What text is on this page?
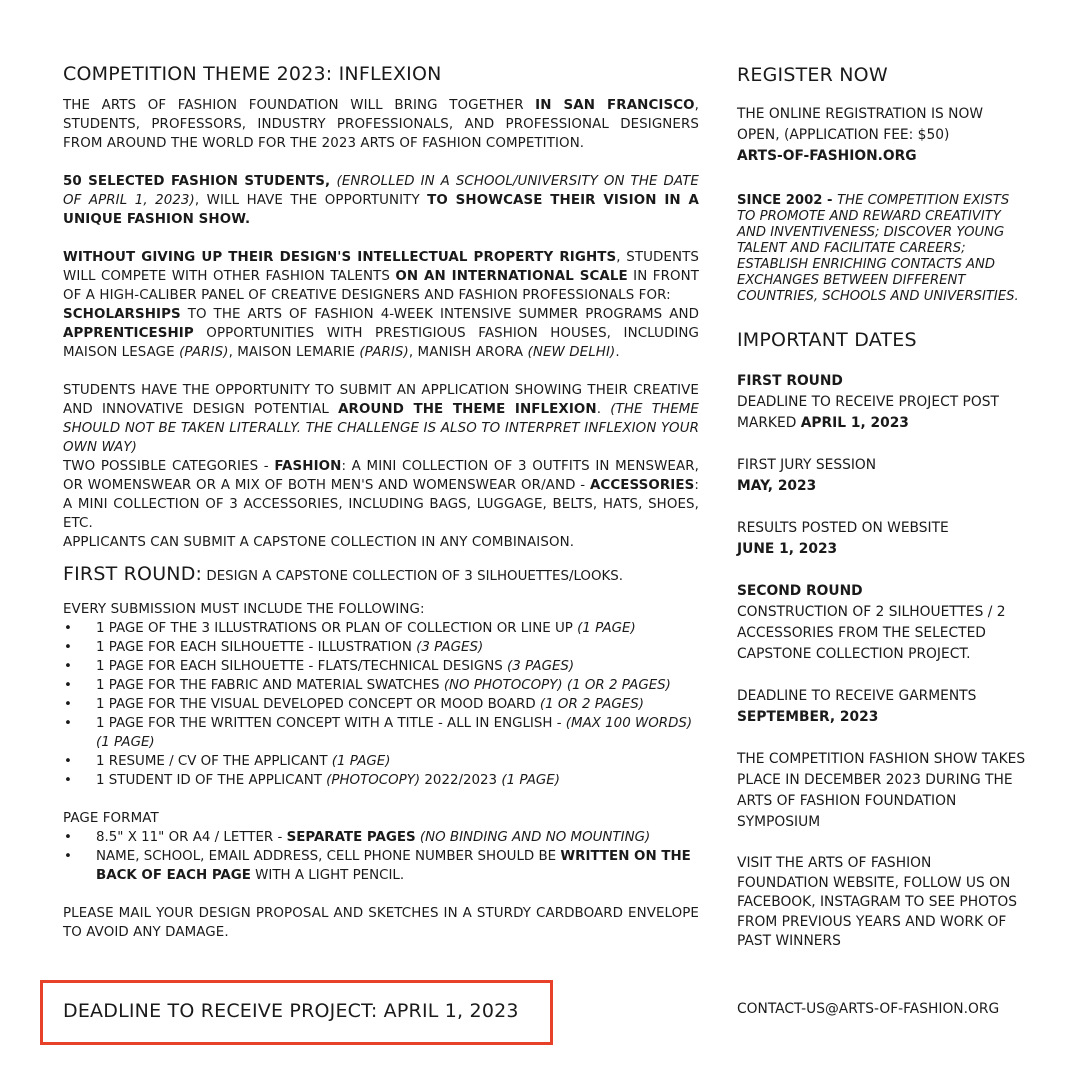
COMPETITION THEME 2023: INFLEXION

THE ARTS OF FASHION FOUNDATION WILL BRING TOGETHER IN SAN FRANCISCO, STUDENTS, PROFESSORS, INDUSTRY PROFESSIONALS, AND PROFESSIONAL DESIGNERS FROM AROUND THE WORLD FOR THE 2023 ARTS OF FASHION COMPETITION.

50 SELECTED FASHION STUDENTS, (ENROLLED IN A SCHOOL/UNIVERSITY ON THE DATE OF APRIL 1, 2023), WILL HAVE THE OPPORTUNITY TO SHOWCASE THEIR VISION IN A UNIQUE FASHION SHOW.

WITHOUT GIVING UP THEIR DESIGN'S INTELLECTUAL PROPERTY RIGHTS, STUDENTS WILL COMPETE WITH OTHER FASHION TALENTS ON AN INTERNATIONAL SCALE IN FRONT OF A HIGH-CALIBER PANEL OF CREATIVE DESIGNERS AND FASHION PROFESSIONALS FOR:
SCHOLARSHIPS TO THE ARTS OF FASHION 4-WEEK INTENSIVE SUMMER PROGRAMS AND APPRENTICESHIP OPPORTUNITIES WITH PRESTIGIOUS FASHION HOUSES, INCLUDING MAISON LESAGE (PARIS), MAISON LEMARIE (PARIS), MANISH ARORA (NEW DELHI).

STUDENTS HAVE THE OPPORTUNITY TO SUBMIT AN APPLICATION SHOWING THEIR CREATIVE AND INNOVATIVE DESIGN POTENTIAL AROUND THE THEME INFLEXION. (THE THEME SHOULD NOT BE TAKEN LITERALLY. THE CHALLENGE IS ALSO TO INTERPRET INFLEXION YOUR OWN WAY)
TWO POSSIBLE CATEGORIES - FASHION: A MINI COLLECTION OF 3 OUTFITS IN MENSWEAR, OR WOMENSWEAR OR A MIX OF BOTH MEN'S AND WOMENSWEAR OR/AND - ACCESSORIES: A MINI COLLECTION OF 3 ACCESSORIES, INCLUDING BAGS, LUGGAGE, BELTS, HATS, SHOES, ETC.
APPLICANTS CAN SUBMIT A CAPSTONE COLLECTION IN ANY COMBINAISON.

FIRST ROUND: DESIGN A CAPSTONE COLLECTION OF 3 SILHOUETTES/LOOKS.

EVERY SUBMISSION MUST INCLUDE THE FOLLOWING:

• 1 PAGE OF THE 3 ILLUSTRATIONS OR PLAN OF COLLECTION OR LINE UP (1 PAGE)
• 1 PAGE FOR EACH SILHOUETTE - ILLUSTRATION (3 PAGES)
• 1 PAGE FOR EACH SILHOUETTE - FLATS/TECHNICAL DESIGNS (3 PAGES)
• 1 PAGE FOR THE FABRIC AND MATERIAL SWATCHES (NO PHOTOCOPY) (1 OR 2 PAGES)
• 1 PAGE FOR THE VISUAL DEVELOPED CONCEPT OR MOOD BOARD (1 OR 2 PAGES)
• 1 PAGE FOR THE WRITTEN CONCEPT WITH A TITLE - ALL IN ENGLISH - (MAX 100 WORDS) (1 PAGE)
• 1 RESUME / CV OF THE APPLICANT (1 PAGE)
• 1 STUDENT ID OF THE APPLICANT (PHOTOCOPY) 2022/2023 (1 PAGE)

PAGE FORMAT

• 8.5" X 11" OR A4 / LETTER - SEPARATE PAGES (NO BINDING AND NO MOUNTING)
• NAME, SCHOOL, EMAIL ADDRESS, CELL PHONE NUMBER SHOULD BE WRITTEN ON THE BACK OF EACH PAGE WITH A LIGHT PENCIL.

PLEASE MAIL YOUR DESIGN PROPOSAL AND SKETCHES IN A STURDY CARDBOARD ENVELOPE TO AVOID ANY DAMAGE.

DEADLINE TO RECEIVE PROJECT: APRIL 1, 2023
REGISTER NOW

THE ONLINE REGISTRATION IS NOW OPEN, (APPLICATION FEE: $50)

ARTS-OF-FASHION.ORG

SINCE 2002 - THE COMPETITION EXISTS TO PROMOTE AND REWARD CREATIVITY AND INVENTIVENESS; DISCOVER YOUNG TALENT AND FACILITATE CAREERS; ESTABLISH ENRICHING CONTACTS AND EXCHANGES BETWEEN DIFFERENT COUNTRIES, SCHOOLS AND UNIVERSITIES.

IMPORTANT DATES

FIRST ROUND
DEADLINE TO RECEIVE PROJECT POST MARKED APRIL 1, 2023

FIRST JURY SESSION
MAY, 2023

RESULTS POSTED ON WEBSITE
JUNE 1, 2023

SECOND ROUND
CONSTRUCTION OF 2 SILHOUETTES / 2 ACCESSORIES FROM THE SELECTED CAPSTONE COLLECTION PROJECT.

DEADLINE TO RECEIVE GARMENTS
SEPTEMBER, 2023

THE COMPETITION FASHION SHOW TAKES PLACE IN DECEMBER 2023 DURING THE ARTS OF FASHION FOUNDATION SYMPOSIUM

VISIT THE ARTS OF FASHION FOUNDATION WEBSITE, FOLLOW US ON FACEBOOK, INSTAGRAM TO SEE PHOTOS FROM PREVIOUS YEARS AND WORK OF PAST WINNERS

CONTACT-US@ARTS-OF-FASHION.ORG
